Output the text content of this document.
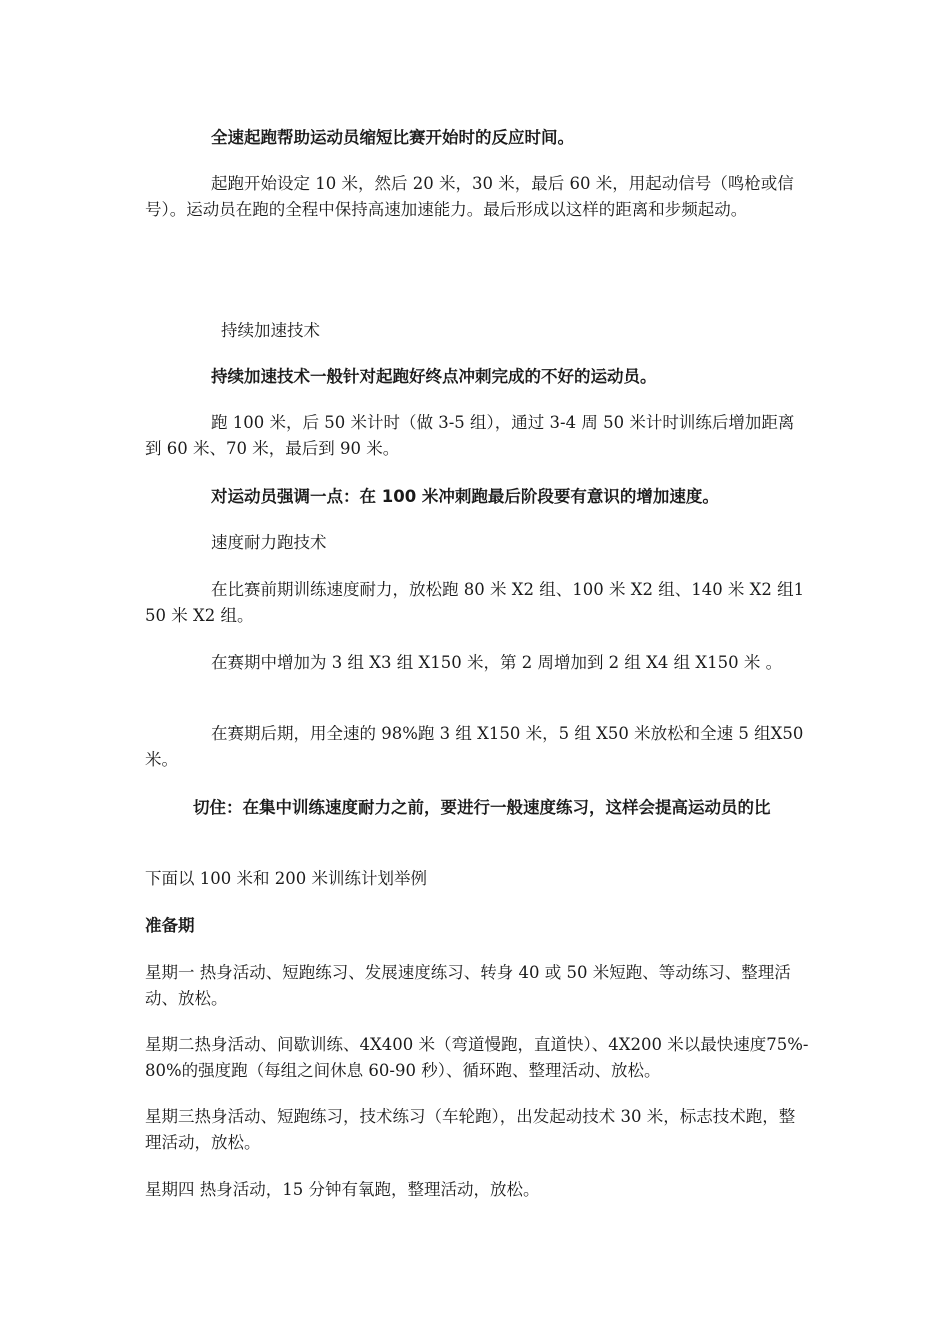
全速起跑帮助运动员缩短比赛开始时的反应时间。
起跑开始设定 10 米，然后 20 米，30 米，最后 60 米，用起动信号（鸣枪或信号）。运动员在跑的全程中保持高速加速能力。最后形成以这样的距离和步频起动。
持续加速技术
持续加速技术一般针对起跑好终点冲刺完成的不好的运动员。
跑 100 米，后 50 米计时（做 3-5 组），通过 3-4 周 50 米计时训练后增加距离到 60 米、70 米，最后到 90 米。
对运动员强调一点：在 100 米冲刺跑最后阶段要有意识的增加速度。
速度耐力跑技术
在比赛前期训练速度耐力，放松跑 80 米 X2 组、100 米 X2 组、140 米 X2 组150 米 X2 组。
在赛期中增加为 3 组 X3 组 X150 米，第 2 周增加到 2 组 X4 组 X150 米 。
在赛期后期，用全速的 98%跑 3 组 X150 米，5 组 X50 米放松和全速 5 组X50 米。
切住：在集中训练速度耐力之前，要进行一般速度练习，这样会提高运动员的比
下面以 100 米和 200 米训练计划举例
准备期
星期一 热身活动、短跑练习、发展速度练习、转身 40 或 50 米短跑、等动练习、整理活动、放松。
星期二热身活动、间歇训练、4X400 米（弯道慢跑，直道快）、4X200 米以最快速度75%-80%的强度跑（每组之间休息 60-90 秒）、循环跑、整理活动、放松。
星期三热身活动、短跑练习，技术练习（车轮跑），出发起动技术 30 米，标志技术跑，整理活动，放松。
星期四 热身活动，15 分钟有氧跑，整理活动，放松。
